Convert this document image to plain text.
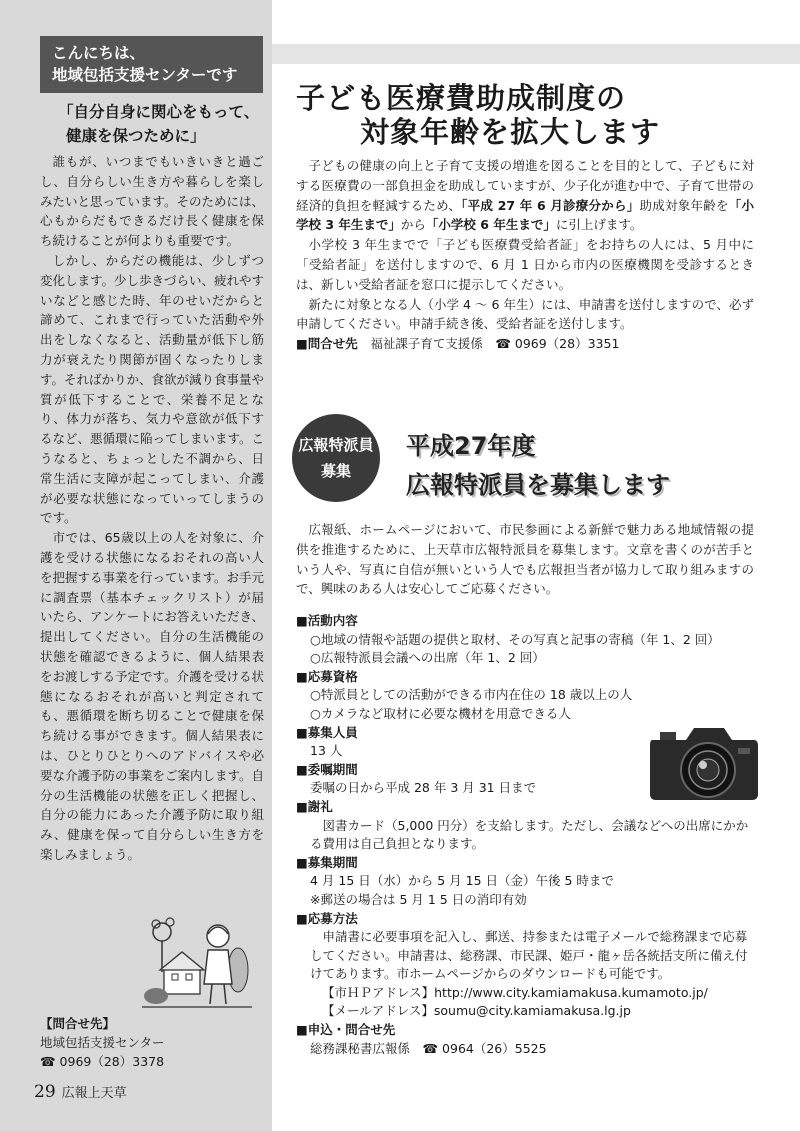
こんにちは、
地域包括支援センターです
「自分自身に関心をもって、
健康を保つために」

誰もが、いつまでもいきいきと過ごし、自分らしい生き方や暮らしを楽しみたいと思っています。そのためには、心もからだもできるだけ長く健康を保ち続けることが何よりも重要です。

しかし、からだの機能は、少しずつ変化します。少し歩きづらい、疲れやすいなどと感じた時、年のせいだからと諦めて、これまで行っていた活動や外出をしなくなると、活動量が低下し筋力が衰えたり関節が固くなったりします。そればかりか、食欲が減り食事量や質が低下することで、栄養不足となり、体力が落ち、気力や意欲が低下するなど、悪循環に陥ってしまいます。こうなると、ちょっとした不調から、日常生活に支障が起こってしまい、介護が必要な状態になっていってしまうのです。

市では、65歳以上の人を対象に、介護を受ける状態になるおそれの高い人を把握する事業を行っています。お手元に調査票（基本チェックリスト）が届いたら、アンケートにお答えいただき、提出してください。自分の生活機能の状態を確認できるように、個人結果表をお渡しする予定です。介護を受ける状態になるおそれが高いと判定されても、悪循環を断ち切ることで健康を保ち続ける事ができます。個人結果表には、ひとりひとりへのアドバイスや必要な介護予防の事業をご案内します。自分の生活機能の状態を正しく把握し、自分の能力にあった介護予防に取り組み、健康を保って自分らしい生き方を楽しみましょう。

【問合せ先】
地域包括支援センター
☎ 0969（28）3378
29 広報上天草
子ども医療費助成制度の
対象年齢を拡大します

子どもの健康の向上と子育て支援の増進を図ることを目的として、子どもに対する医療費の一部負担金を助成していますが、少子化が進む中で、子育て世帯の経済的負担を軽減するため、「平成 27 年 6 月診療分から」助成対象年齢を「小学校 3 年生まで」から「小学校 6 年生まで」に引上げます。

小学校 3 年生までで「子ども医療費受給者証」をお持ちの人には、5 月中に「受給者証」を送付しますので、6 月 1 日から市内の医療機関を受診するときは、新しい受給者証を窓口に提示してください。

新たに対象となる人（小学 4 ～ 6 年生）には、申請書を送付しますので、必ず申請してください。申請手続き後、受給者証を送付します。

■問合せ先　 福祉課子育て支援係　☎ 0969（28）3351
広報特派員
募集
平成27年度
広報特派員を募集します

広報紙、ホームページにおいて、市民参画による新鮮で魅力ある地域情報の提供を推進するために、上天草市広報特派員を募集します。文章を書くのが苦手という人や、写真に自信が無いという人でも広報担当者が協力して取り組みますので、興味のある人は安心してご応募ください。

■活動内容
○地域の情報や話題の提供と取材、その写真と記事の寄稿（年 1、2 回）
○広報特派員会議への出席（年 1、2 回）
■応募資格
○特派員としての活動ができる市内在住の 18 歳以上の人
○カメラなど取材に必要な機材を用意できる人
■募集人員
13 人
■委嘱期間
委嘱の日から平成 28 年 3 月 31 日まで
■謝礼
図書カード（5,000 円分）を支給します。ただし、会議などへの出席にかかる費用は自己負担となります。
■募集期間
4 月 15 日（水）から 5 月 15 日（金）午後 5 時まで
※郵送の場合は 5 月 1 5 日の消印有効
■応募方法
申請書に必要事項を記入し、郵送、持参または電子メールで総務課まで応募してください。申請書は、総務課、市民課、姫戸・龍ヶ岳各統括支所に備え付けてあります。市ホームページからのダウンロードも可能です。
【市ＨＰアドレス】http://www.city.kamiamakusa.kumamoto.jp/
【メールアドレス】soumu@city.kamiamakusa.lg.jp
■申込・問合せ先
総務課秘書広報係　☎ 0964（26）5525
